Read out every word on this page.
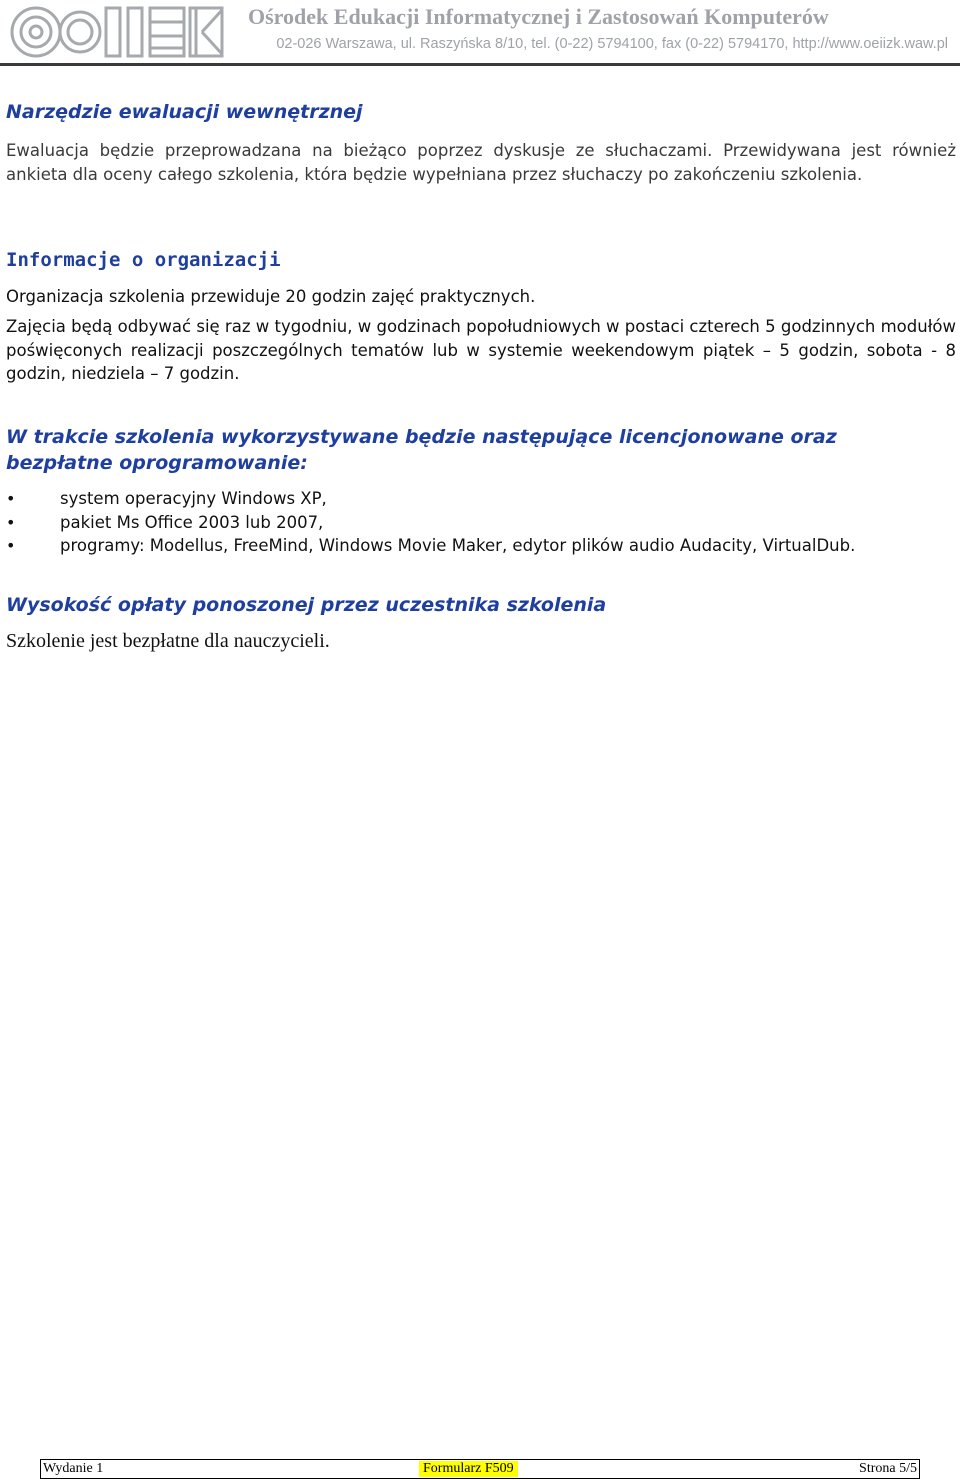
Ośrodek Edukacji Informatycznej i Zastosowań Komputerów
02-026 Warszawa, ul. Raszyńska 8/10, tel. (0-22) 5794100, fax (0-22) 5794170, http://www.oeiizk.waw.pl
Narzędzie ewaluacji wewnętrznej
Ewaluacja będzie przeprowadzana na bieżąco poprzez dyskusje ze słuchaczami. Przewidywana jest również ankieta dla oceny całego szkolenia, która będzie wypełniana przez słuchaczy po zakończeniu szkolenia.
Informacje o organizacji
Organizacja szkolenia przewiduje 20 godzin zajęć praktycznych.
Zajęcia będą odbywać się raz w tygodniu, w godzinach popołudniowych w postaci czterech 5 godzinnych modułów poświęconych realizacji poszczególnych tematów lub w systemie weekendowym piątek – 5 godzin, sobota - 8 godzin, niedziela – 7 godzin.
W trakcie szkolenia wykorzystywane będzie następujące licencjonowane oraz
bezpłatne oprogramowanie:
•	system operacyjny Windows XP,
•	pakiet Ms Office 2003 lub 2007,
•	programy: Modellus, FreeMind, Windows Movie Maker, edytor plików audio Audacity, VirtualDub.
Wysokość opłaty ponoszonej przez uczestnika szkolenia
Szkolenie jest bezpłatne dla nauczycieli.
Wydanie 1	Formularz F509	Strona 5/5
